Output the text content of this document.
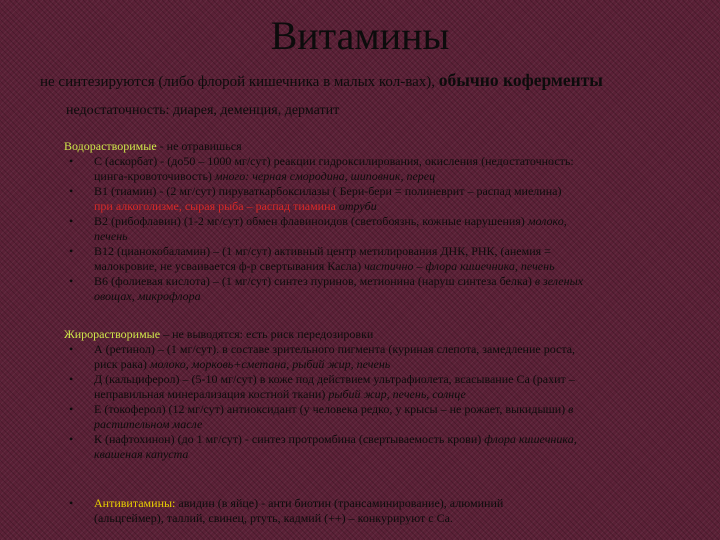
Витамины
не синтезируются (либо флорой кишечника в малых кол-вах), обычно коферменты
недостаточность: диарея, деменция, дерматит
Водорастворимые - не отравишься
• С (аскорбат) - (до50 – 1000 мг/сут) реакции гидроксилирования, окисления (недостаточность:
цинга-кровоточивость) много: черная смородина, шиповник, перец
• В1 (тиамин) - (2 мг/сут) пируваткарбоксилазы ( Бери-бери = полиневрит – распад миелина)
при алкоголизме, сырая рыба – распад тиамина отруби
• В2 (рибофлавин) (1-2 мг/сут) обмен флавиноидов (светобоязнь, кожные нарушения) молоко,
печень
• В12 (цианокобаламин) – (1 мг/сут) активный центр метилирования ДНК, РНК, (анемия =
малокровие, не усваивается ф-р свертывания Касла) частично – флора кишечника, печень
• В6 (фолиевая кислота) – (1 мг/сут) синтез пуринов, метионина (наруш синтеза белка) в зеленых
овощах, микрофлора
Жирорастворимые – не выводятся: есть риск передозировки
• А (ретинол) – (1 мг/сут). в составе зрительного пигмента (куриная слепота, замедление роста,
риск рака) молоко, морковь+сметана, рыбий жир, печень
• Д (кальциферол) – (5-10 мг/сут) в коже под действием ультрафиолета, всасывание Са (рахит –
неправильная минерализация костной ткани) рыбий жир, печень, солнце
• Е (токоферол) (12 мг/сут) антиоксидант (у человека редко, у крысы – не рожает, выкидыши) в
растительном масле
• К (нафтохинон) (до 1 мг/сут) - синтез протромбина (свертываемость крови) флора кишечника,
квашеная капуста
• Антивитамины: авидин (в яйце) - анти биотин (трансаминирование), алюминий
(альцгеймер), таллий, свинец, ртуть, кадмий (++) – конкурируют с Са.
